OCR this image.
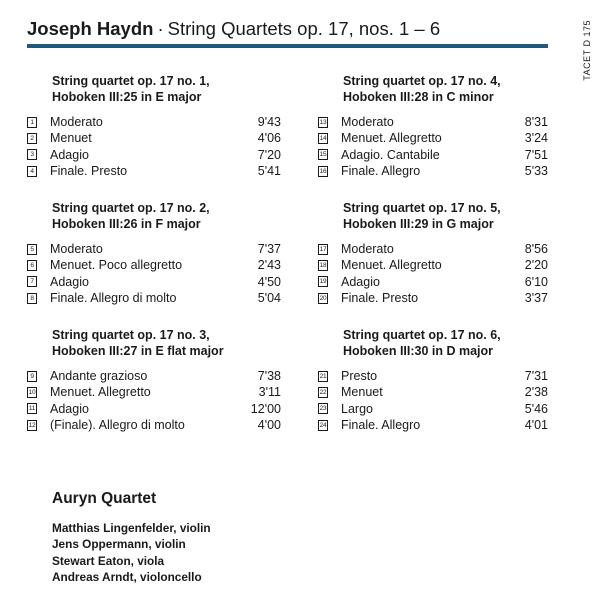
Joseph Haydn · String Quartets op. 17, nos. 1 – 6	TACET D 175

String quartet op. 17 no. 1,
Hoboken III:25 in E major

1 Moderato	9'43
2 Menuet	4'06
3 Adagio	7'20
4 Finale. Presto	5'41

String quartet op. 17 no. 2,
Hoboken III:26 in F major

5 Moderato	7'37
6 Menuet. Poco allegretto	2'43
7 Adagio	4'50
8 Finale. Allegro di molto	5'04

String quartet op. 17 no. 3,
Hoboken III:27 in E flat major

9 Andante grazioso	7'38
10 Menuet. Allegretto	3'11
11 Adagio	12'00
12 (Finale). Allegro di molto	4'00

String quartet op. 17 no. 4,
Hoboken III:28 in C minor

13 Moderato	8'31
14 Menuet. Allegretto	3'24
15 Adagio. Cantabile	7'51
16 Finale. Allegro	5'33

String quartet op. 17 no. 5,
Hoboken III:29 in G major

17 Moderato	8'56
18 Menuet. Allegretto	2'20
19 Adagio	6'10
20 Finale. Presto	3'37

String quartet op. 17 no. 6,
Hoboken III:30 in D major

21 Presto	7'31
22 Menuet	2'38
23 Largo	5'46
24 Finale. Allegro	4'01
Auryn Quartet
Matthias Lingenfelder, violin
Jens Oppermann, violin
Stewart Eaton, viola
Andreas Arndt, violoncello
